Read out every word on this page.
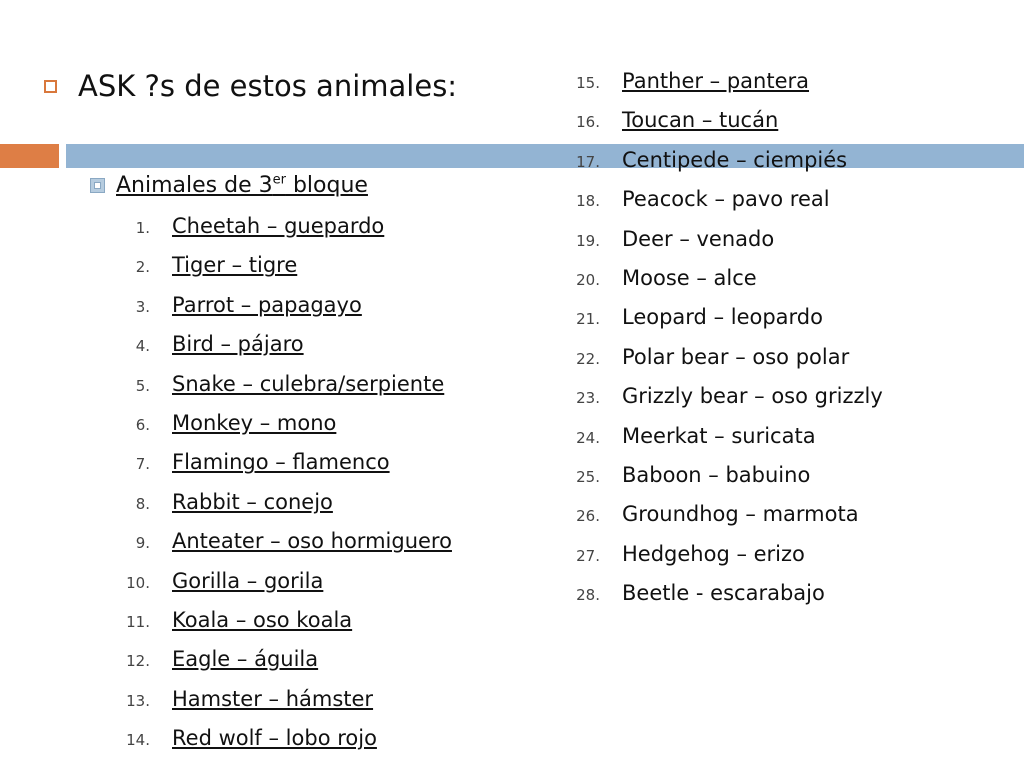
ASK ?s de estos animales:
Animales de 3er bloque
1.	Cheetah – guepardo
2.	Tiger – tigre
3.	Parrot – papagayo
4.	Bird – pájaro
5.	Snake – culebra/serpiente
6.	Monkey – mono
7.	Flamingo – flamenco
8.	Rabbit – conejo
9.	Anteater – oso hormiguero
10.	Gorilla – gorila
11.	Koala – oso koala
12.	Eagle – águila
13.	Hamster – hámster
14.	Red wolf – lobo rojo
15.	Panther – pantera
16.	Toucan – tucán
17.	Centipede – ciempiés
18.	Peacock – pavo real
19.	Deer – venado
20.	Moose – alce
21.	Leopard – leopardo
22.	Polar bear – oso polar
23.	Grizzly bear – oso grizzly
24.	Meerkat – suricata
25.	Baboon – babuino
26.	Groundhog – marmota
27.	Hedgehog – erizo
28.	Beetle - escarabajo
